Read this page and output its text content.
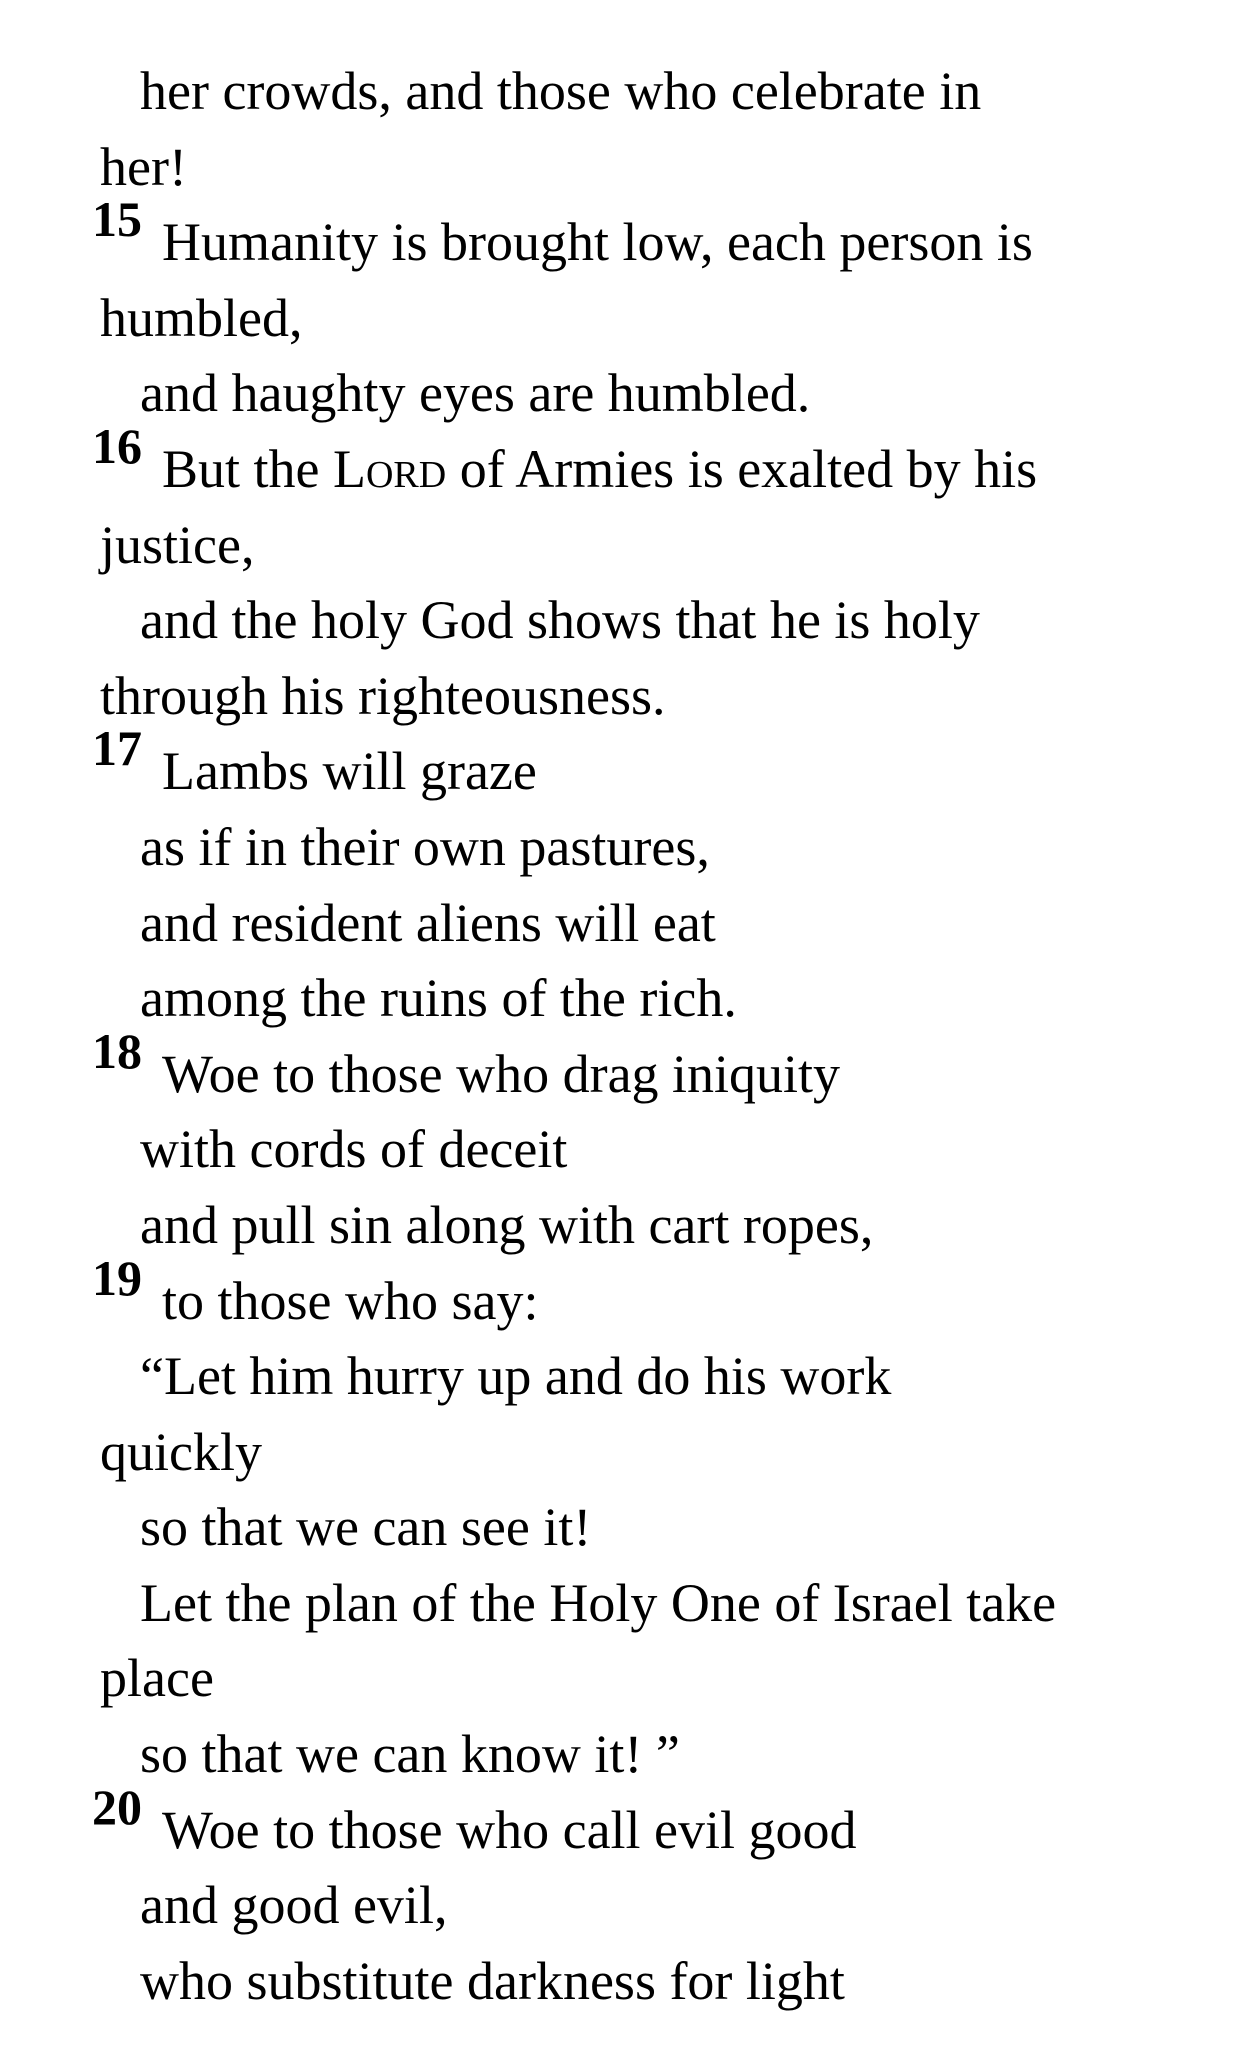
her crowds, and those who celebrate in
her!
15 Humanity is brought low, each person is
humbled,
and haughty eyes are humbled.
16 But the Lord of Armies is exalted by his
justice,
and the holy God shows that he is holy
through his righteousness.
17 Lambs will graze
as if in their own pastures,
and resident aliens will eat
among the ruins of the rich.
18 Woe to those who drag iniquity
with cords of deceit
and pull sin along with cart ropes,
19 to those who say:
“Let him hurry up and do his work
quickly
so that we can see it!
Let the plan of the Holy One of Israel take
place
so that we can know it! ”
20 Woe to those who call evil good
and good evil,
who substitute darkness for light
